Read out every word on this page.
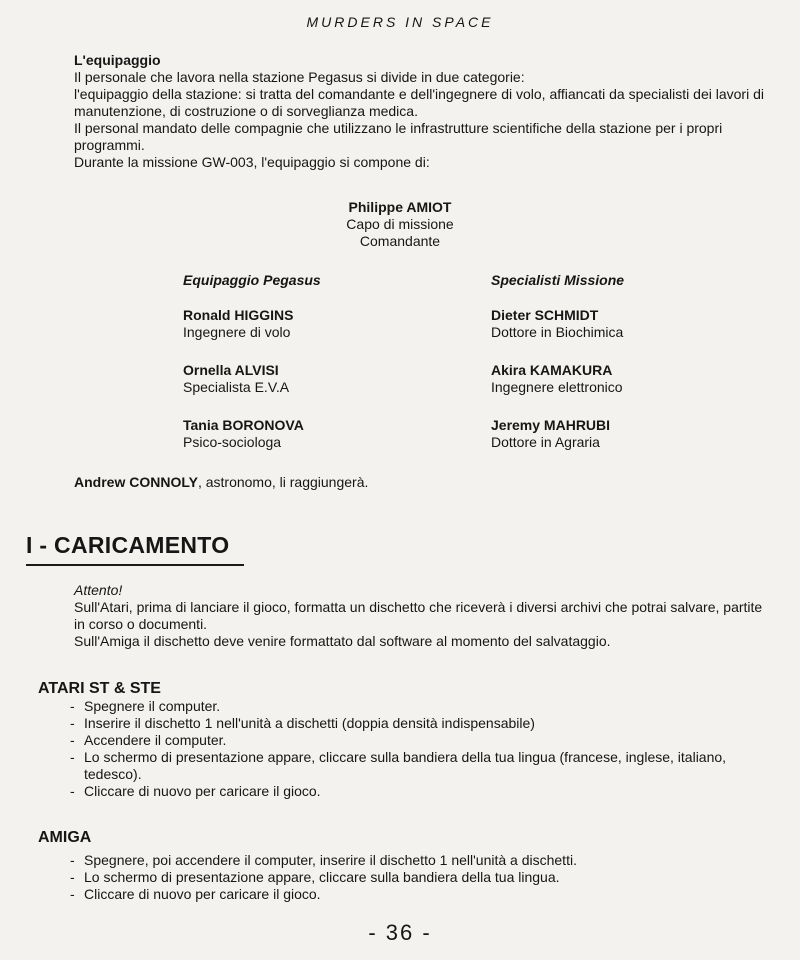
MURDERS IN SPACE
L'equipaggio
Il personale che lavora nella stazione Pegasus si divide in due categorie:
l'equipaggio della stazione: si tratta del comandante e dell'ingegnere di volo, affiancati da specialisti dei lavori di manutenzione, di costruzione o di sorveglianza medica.
Il personal mandato delle compagnie che utilizzano le infrastrutture scientifiche della stazione per i propri programmi.
Durante la missione GW-003, l'equipaggio si compone di:
Philippe AMIOT
Capo di missione
Comandante
Equipaggio Pegasus
Ronald HIGGINS
Ingegnere di volo
Ornella ALVISI
Specialista E.V.A
Tania BORONOVA
Psico-sociologa
Specialisti Missione
Dieter SCHMIDT
Dottore in Biochimica
Akira KAMAKURA
Ingegnere elettronico
Jeremy MAHRUBI
Dottore in Agraria
Andrew CONNOLY, astronomo, li raggiungerà.
I - CARICAMENTO
Attento!
Sull'Atari, prima di lanciare il gioco, formatta un dischetto che riceverà i diversi archivi che potrai salvare, partite in corso o documenti.
Sull'Amiga il dischetto deve venire formattato dal software al momento del salvataggio.
ATARI ST & STE
- Spegnere il computer.
- Inserire il dischetto 1 nell'unità a dischetti (doppia densità indispensabile)
- Accendere il computer.
- Lo schermo di presentazione appare, cliccare sulla bandiera della tua lingua (francese, inglese, italiano, tedesco).
- Cliccare di nuovo per caricare il gioco.
AMIGA
- Spegnere, poi accendere il computer, inserire il dischetto 1 nell'unità a dischetti.
- Lo schermo di presentazione appare, cliccare sulla bandiera della tua lingua.
- Cliccare di nuovo per caricare il gioco.
- 36 -
